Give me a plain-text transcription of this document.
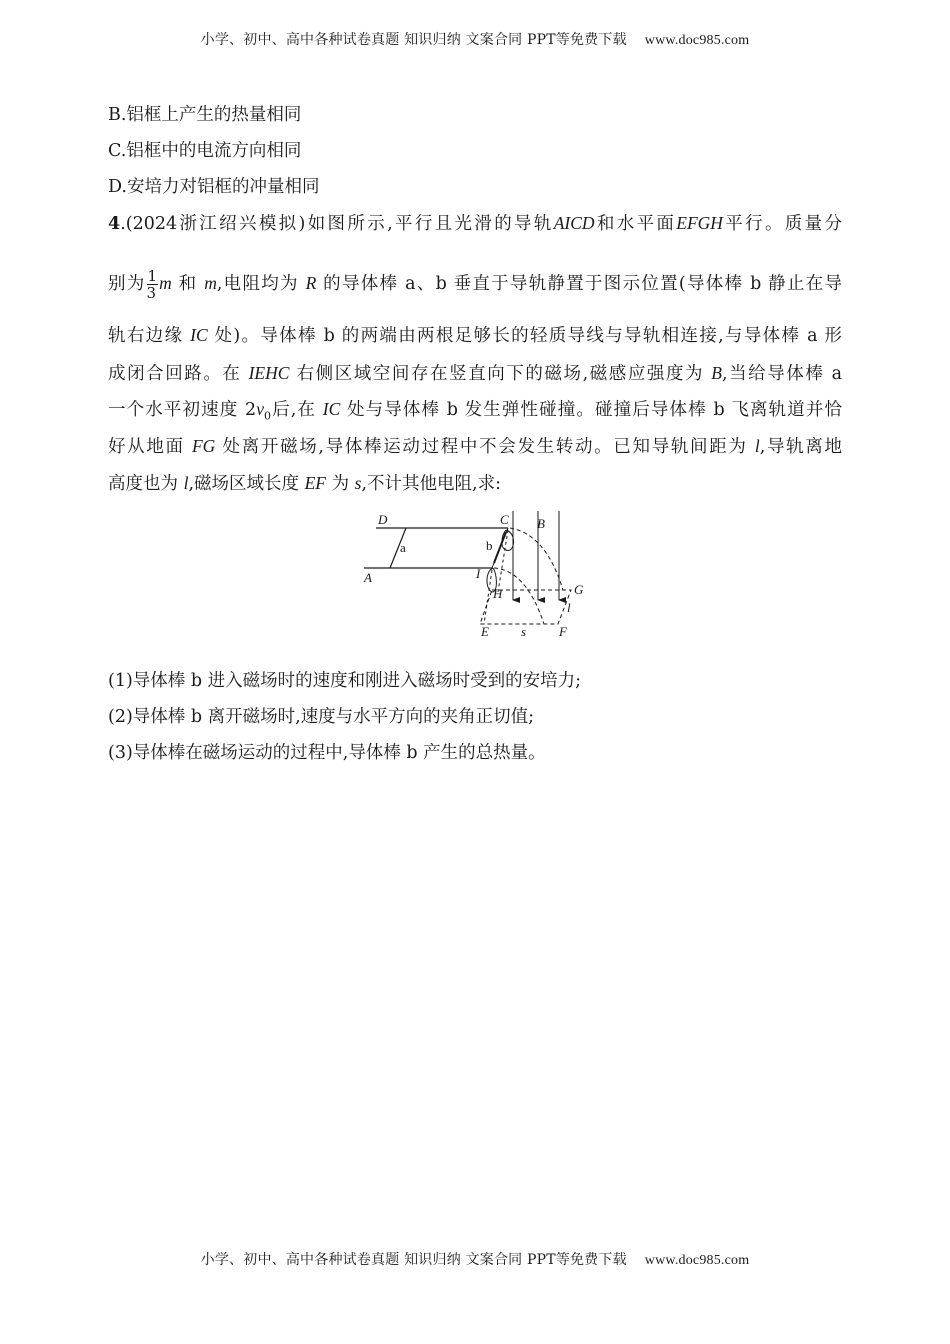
小学、初中、高中各种试卷真题 知识归纳 文案合同 PPT等免费下载 www.doc985.com
B.铝框上产生的热量相同
C.铝框中的电流方向相同
D.安培力对铝框的冲量相同
4.(2024浙江绍兴模拟)如图所示,平行且光滑的导轨AICD和水平面EFGH平行。质量分
别为 $\frac{1}{3}$ m 和 m,电阻均为 R 的导体棒 a、b 垂直于导轨静置于图示位置(导体棒 b 静止在导
轨右边缘 IC 处)。导体棒 b 的两端由两根足够长的轻质导线与导轨相连接,与导体棒 a 形
成闭合回路。在 IEHC 右侧区域空间存在竖直向下的磁场,磁感应强度为 B,当给导体棒 a
一个水平初速度 $2v_0$后,在 IC 处与导体棒 b 发生弹性碰撞。碰撞后导体棒 b 飞离轨道并恰
好从地面 FG 处离开磁场,导体棒运动过程中不会发生转动。已知导轨间距为 l,导轨离地
高度也为 l,磁场区域长度 EF 为 s,不计其他电阻,求:
(1)导体棒 b 进入磁场时的速度和刚进入磁场时受到的安培力;
(2)导体棒 b 离开磁场时,速度与水平方向的夹角正切值;
(3)导体棒在磁场运动的过程中,导体棒 b 产生的总热量。
D	C B
a	b
A	I
H	G
l
E s	F
小学、初中、高中各种试卷真题 知识归纳 文案合同 PPT等免费下载 www.doc985.com
